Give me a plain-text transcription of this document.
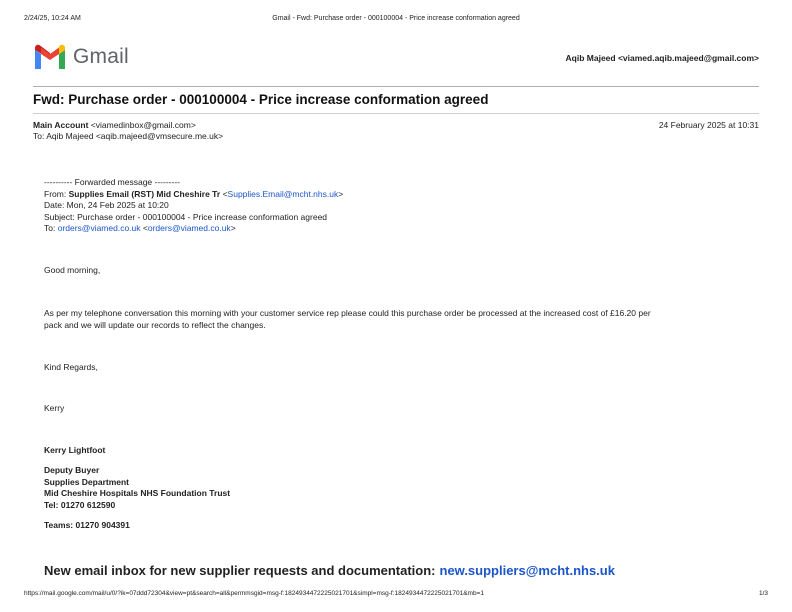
2/24/25, 10:24 AM	Gmail - Fwd: Purchase order - 000100004 - Price increase conformation agreed
Gmail	Aqib Majeed <viamed.aqib.majeed@gmail.com>
Fwd: Purchase order - 000100004 - Price increase conformation agreed
Main Account <viamedinbox@gmail.com>	24 February 2025 at 10:31
To: Aqib Majeed <aqib.majeed@vmsecure.me.uk>
---------- Forwarded message ---------
From: Supplies Email (RST) Mid Cheshire Tr <Supplies.Email@mcht.nhs.uk>
Date: Mon, 24 Feb 2025 at 10:20
Subject: Purchase order - 000100004 - Price increase conformation agreed
To: orders@viamed.co.uk <orders@viamed.co.uk>
Good morning,
As per my telephone conversation this morning with your customer service rep please could this purchase order be processed at the increased cost of £16.20 per
pack and we will update our records to reflect the changes.
Kind Regards,
Kerry
Kerry Lightfoot
Deputy Buyer
Supplies Department
Mid Cheshire Hospitals NHS Foundation Trust
Tel: 01270 612590
Teams: 01270 904391
New email inbox for new supplier requests and documentation: new.suppliers@mcht.nhs.uk
https://mail.google.com/mail/u/0/?ik=07ddd72304&view=pt&search=all&permmsgid=msg-f:1824934472225021701&simpl=msg-f:1824934472225021701&mb=1	1/3
